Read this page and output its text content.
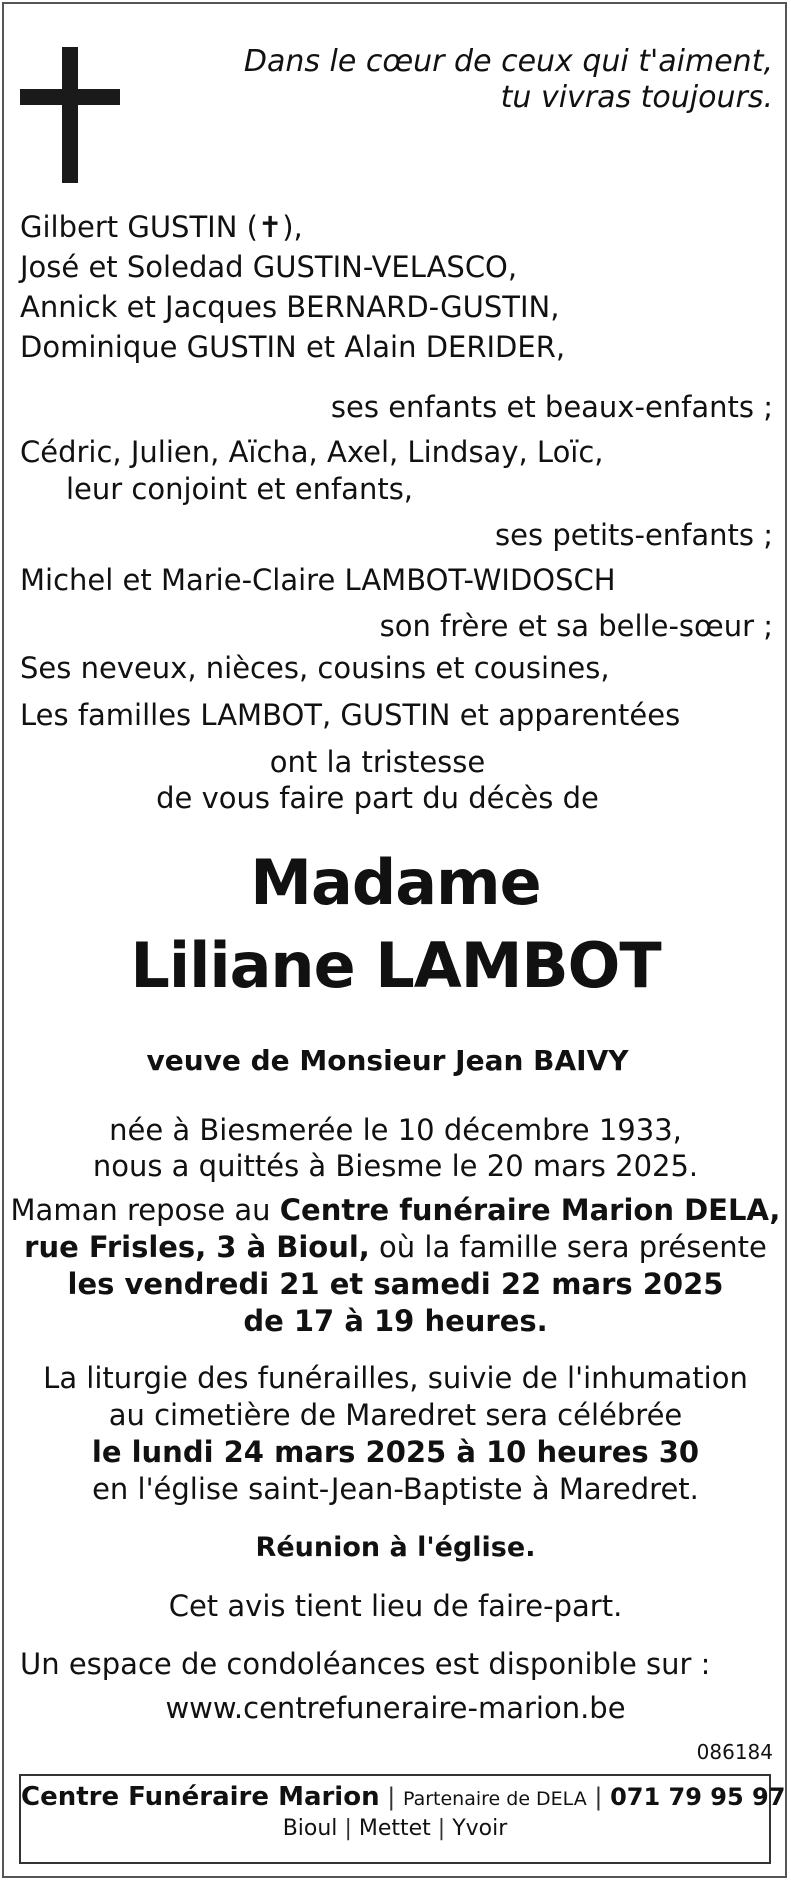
Dans le cœur de ceux qui t'aiment,
tu vivras toujours.
Gilbert GUSTIN (✝),
José et Soledad GUSTIN-VELASCO,
Annick et Jacques BERNARD-GUSTIN,
Dominique GUSTIN et Alain DERIDER,
ses enfants et beaux-enfants ;
Cédric, Julien, Aïcha, Axel, Lindsay, Loïc,
leur conjoint et enfants,
ses petits-enfants ;
Michel et Marie-Claire LAMBOT-WIDOSCH
son frère et sa belle-sœur ;
Ses neveux, nièces, cousins et cousines,
Les familles LAMBOT, GUSTIN et apparentées
ont la tristesse
de vous faire part du décès de
Madame
Liliane LAMBOT
veuve de Monsieur Jean BAIVY
née à Biesmerée le 10 décembre 1933,
nous a quittés à Biesme le 20 mars 2025.
Maman repose au Centre funéraire Marion DELA,
rue Frisles, 3 à Bioul, où la famille sera présente
les vendredi 21 et samedi 22 mars 2025
de 17 à 19 heures.
La liturgie des funérailles, suivie de l'inhumation
au cimetière de Maredret sera célébrée
le lundi 24 mars 2025 à 10 heures 30
en l'église saint-Jean-Baptiste à Maredret.
Réunion à l'église.
Cet avis tient lieu de faire-part.
Un espace de condoléances est disponible sur :
www.centrefuneraire-marion.be
086184
Centre Funéraire Marion | Partenaire de DELA | 071 79 95 97
Bioul | Mettet | Yvoir
